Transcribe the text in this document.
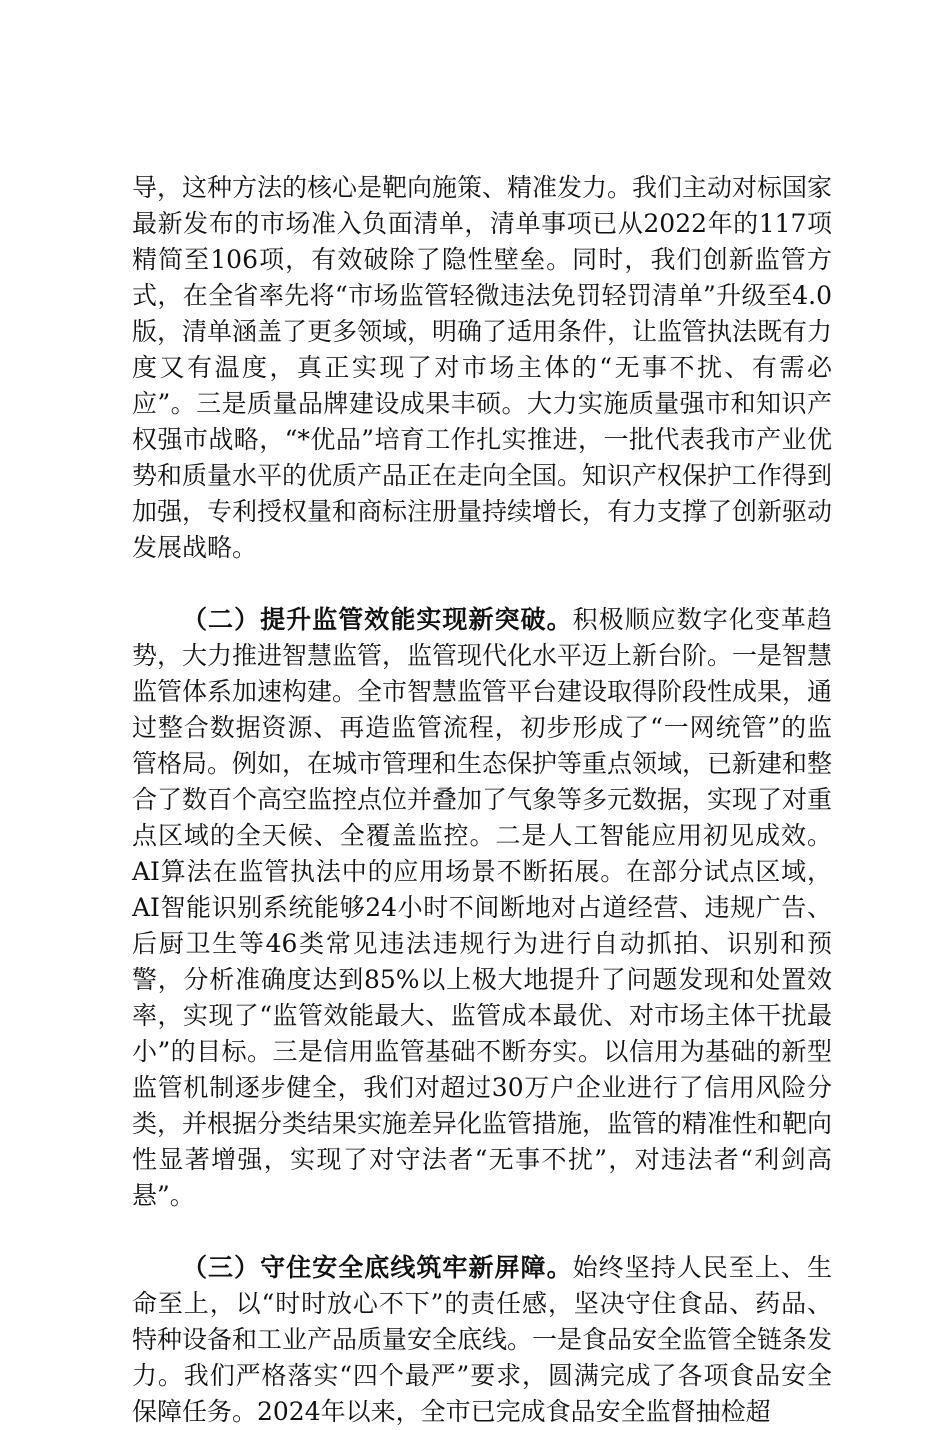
导，这种方法的核心是靶向施策、精准发力。我们主动对标国家最新发布的市场准入负面清单，清单事项已从2022年的117项精简至106项，有效破除了隐性壁垒。同时，我们创新监管方式，在全省率先将“市场监管轻微违法免罚轻罚清单”升级至4.0版，清单涵盖了更多领域，明确了适用条件，让监管执法既有力度又有温度，真正实现了对市场主体的“无事不扰、有需必应”。三是质量品牌建设成果丰硕。大力实施质量强市和知识产权强市战略，“*优品”培育工作扎实推进，一批代表我市产业优势和质量水平的优质产品正在走向全国。知识产权保护工作得到加强，专利授权量和商标注册量持续增长，有力支撑了创新驱动发展战略。

（二）提升监管效能实现新突破。积极顺应数字化变革趋势，大力推进智慧监管，监管现代化水平迈上新台阶。一是智慧监管体系加速构建。全市智慧监管平台建设取得阶段性成果，通过整合数据资源、再造监管流程，初步形成了“一网统管”的监管格局。例如，在城市管理和生态保护等重点领域，已新建和整合了数百个高空监控点位并叠加了气象等多元数据，实现了对重点区域的全天候、全覆盖监控。二是人工智能应用初见成效。AI算法在监管执法中的应用场景不断拓展。在部分试点区域，AI智能识别系统能够24小时不间断地对占道经营、违规广告、后厨卫生等46类常见违法违规行为进行自动抓拍、识别和预警，分析准确度达到85%以上极大地提升了问题发现和处置效率，实现了“监管效能最大、监管成本最优、对市场主体干扰最小”的目标。三是信用监管基础不断夯实。以信用为基础的新型监管机制逐步健全，我们对超过30万户企业进行了信用风险分类，并根据分类结果实施差异化监管措施，监管的精准性和靶向性显著增强，实现了对守法者“无事不扰”，对违法者“利剑高悬”。

（三）守住安全底线筑牢新屏障。始终坚持人民至上、生命至上，以“时时放心不下”的责任感，坚决守住食品、药品、特种设备和工业产品质量安全底线。一是食品安全监管全链条发力。我们严格落实“四个最严”要求，圆满完成了各项食品安全保障任务。2024年以来，全市已完成食品安全监督抽检超
